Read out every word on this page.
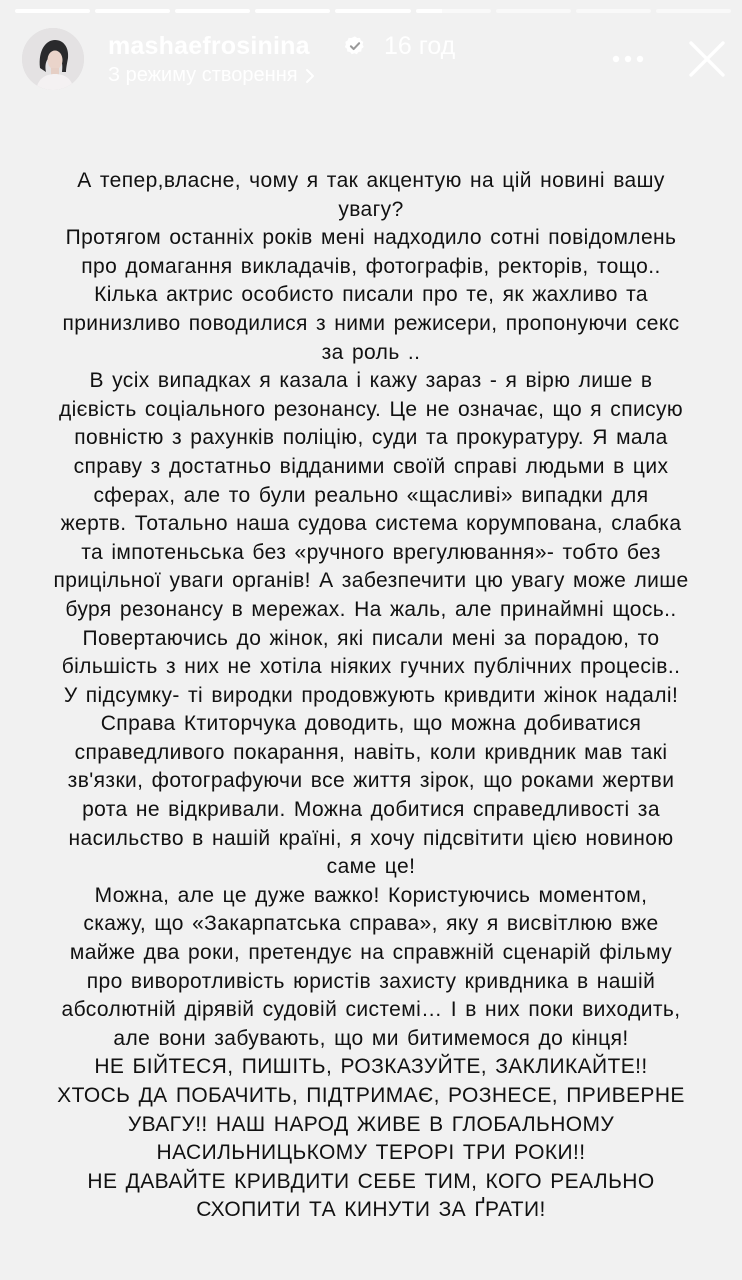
mashaefrosinina	16 год
З режиму створення
А тепер,власне, чому я так акцентую на цій новині вашу
увагу?
Протягом останніх років мені надходило сотні повідомлень
про домагання викладачів, фотографів, ректорів, тощо..
Кілька актрис особисто писали про те, як жахливо та
принизливо поводилися з ними режисери, пропонуючи секс
за роль ..
В усіх випадках я казала і кажу зараз - я вірю лише в
дієвість соціального резонансу. Це не означає, що я списую
повністю з рахунків поліцію, суди та прокуратуру. Я мала
справу з достатньо відданими своїй справі людьми в цих
сферах, але то були реально «щасливі» випадки для
жертв. Тотально наша судова система корумпована, слабка
та імпотеньська без «ручного врегулювання»- тобто без
прицільної уваги органів! А забезпечити цю увагу може лише
буря резонансу в мережах. На жаль, але принаймні щось..
Повертаючись до жінок, які писали мені за порадою, то
більшість з них не хотіла ніяких гучних публічних процесів..
У підсумку- ті виродки продовжують кривдити жінок надалі!
Справа Ктиторчука доводить, що можна добиватися
справедливого покарання, навіть, коли кривдник мав такі
зв'язки, фотографуючи все життя зірок, що роками жертви
рота не відкривали. Можна добитися справедливості за
насильство в нашій країні, я хочу підсвітити цією новиною
саме це!
Можна, але це дуже важко! Користуючись моментом,
скажу, що «Закарпатська справа», яку я висвітлюю вже
майже два роки, претендує на справжній сценарій фільму
про виворотливість юристів захисту кривдника в нашій
абсолютній дірявій судовій системі… І в них поки виходить,
але вони забувають, що ми битимемося до кінця!
НЕ БІЙТЕСЯ, ПИШІТЬ, РОЗКАЗУЙТЕ, ЗАКЛИКАЙТЕ!!
ХТОСЬ ДА ПОБАЧИТЬ, ПІДТРИМАЄ, РОЗНЕСЕ, ПРИВЕРНЕ
УВАГУ!! НАШ НАРОД ЖИВЕ В ГЛОБАЛЬНОМУ
НАСИЛЬНИЦЬКОМУ ТЕРОРІ ТРИ РОКИ!!
НЕ ДАВАЙТЕ КРИВДИТИ СЕБЕ ТИМ, КОГО РЕАЛЬНО
СХОПИТИ ТА КИНУТИ ЗА ҐРАТИ!
